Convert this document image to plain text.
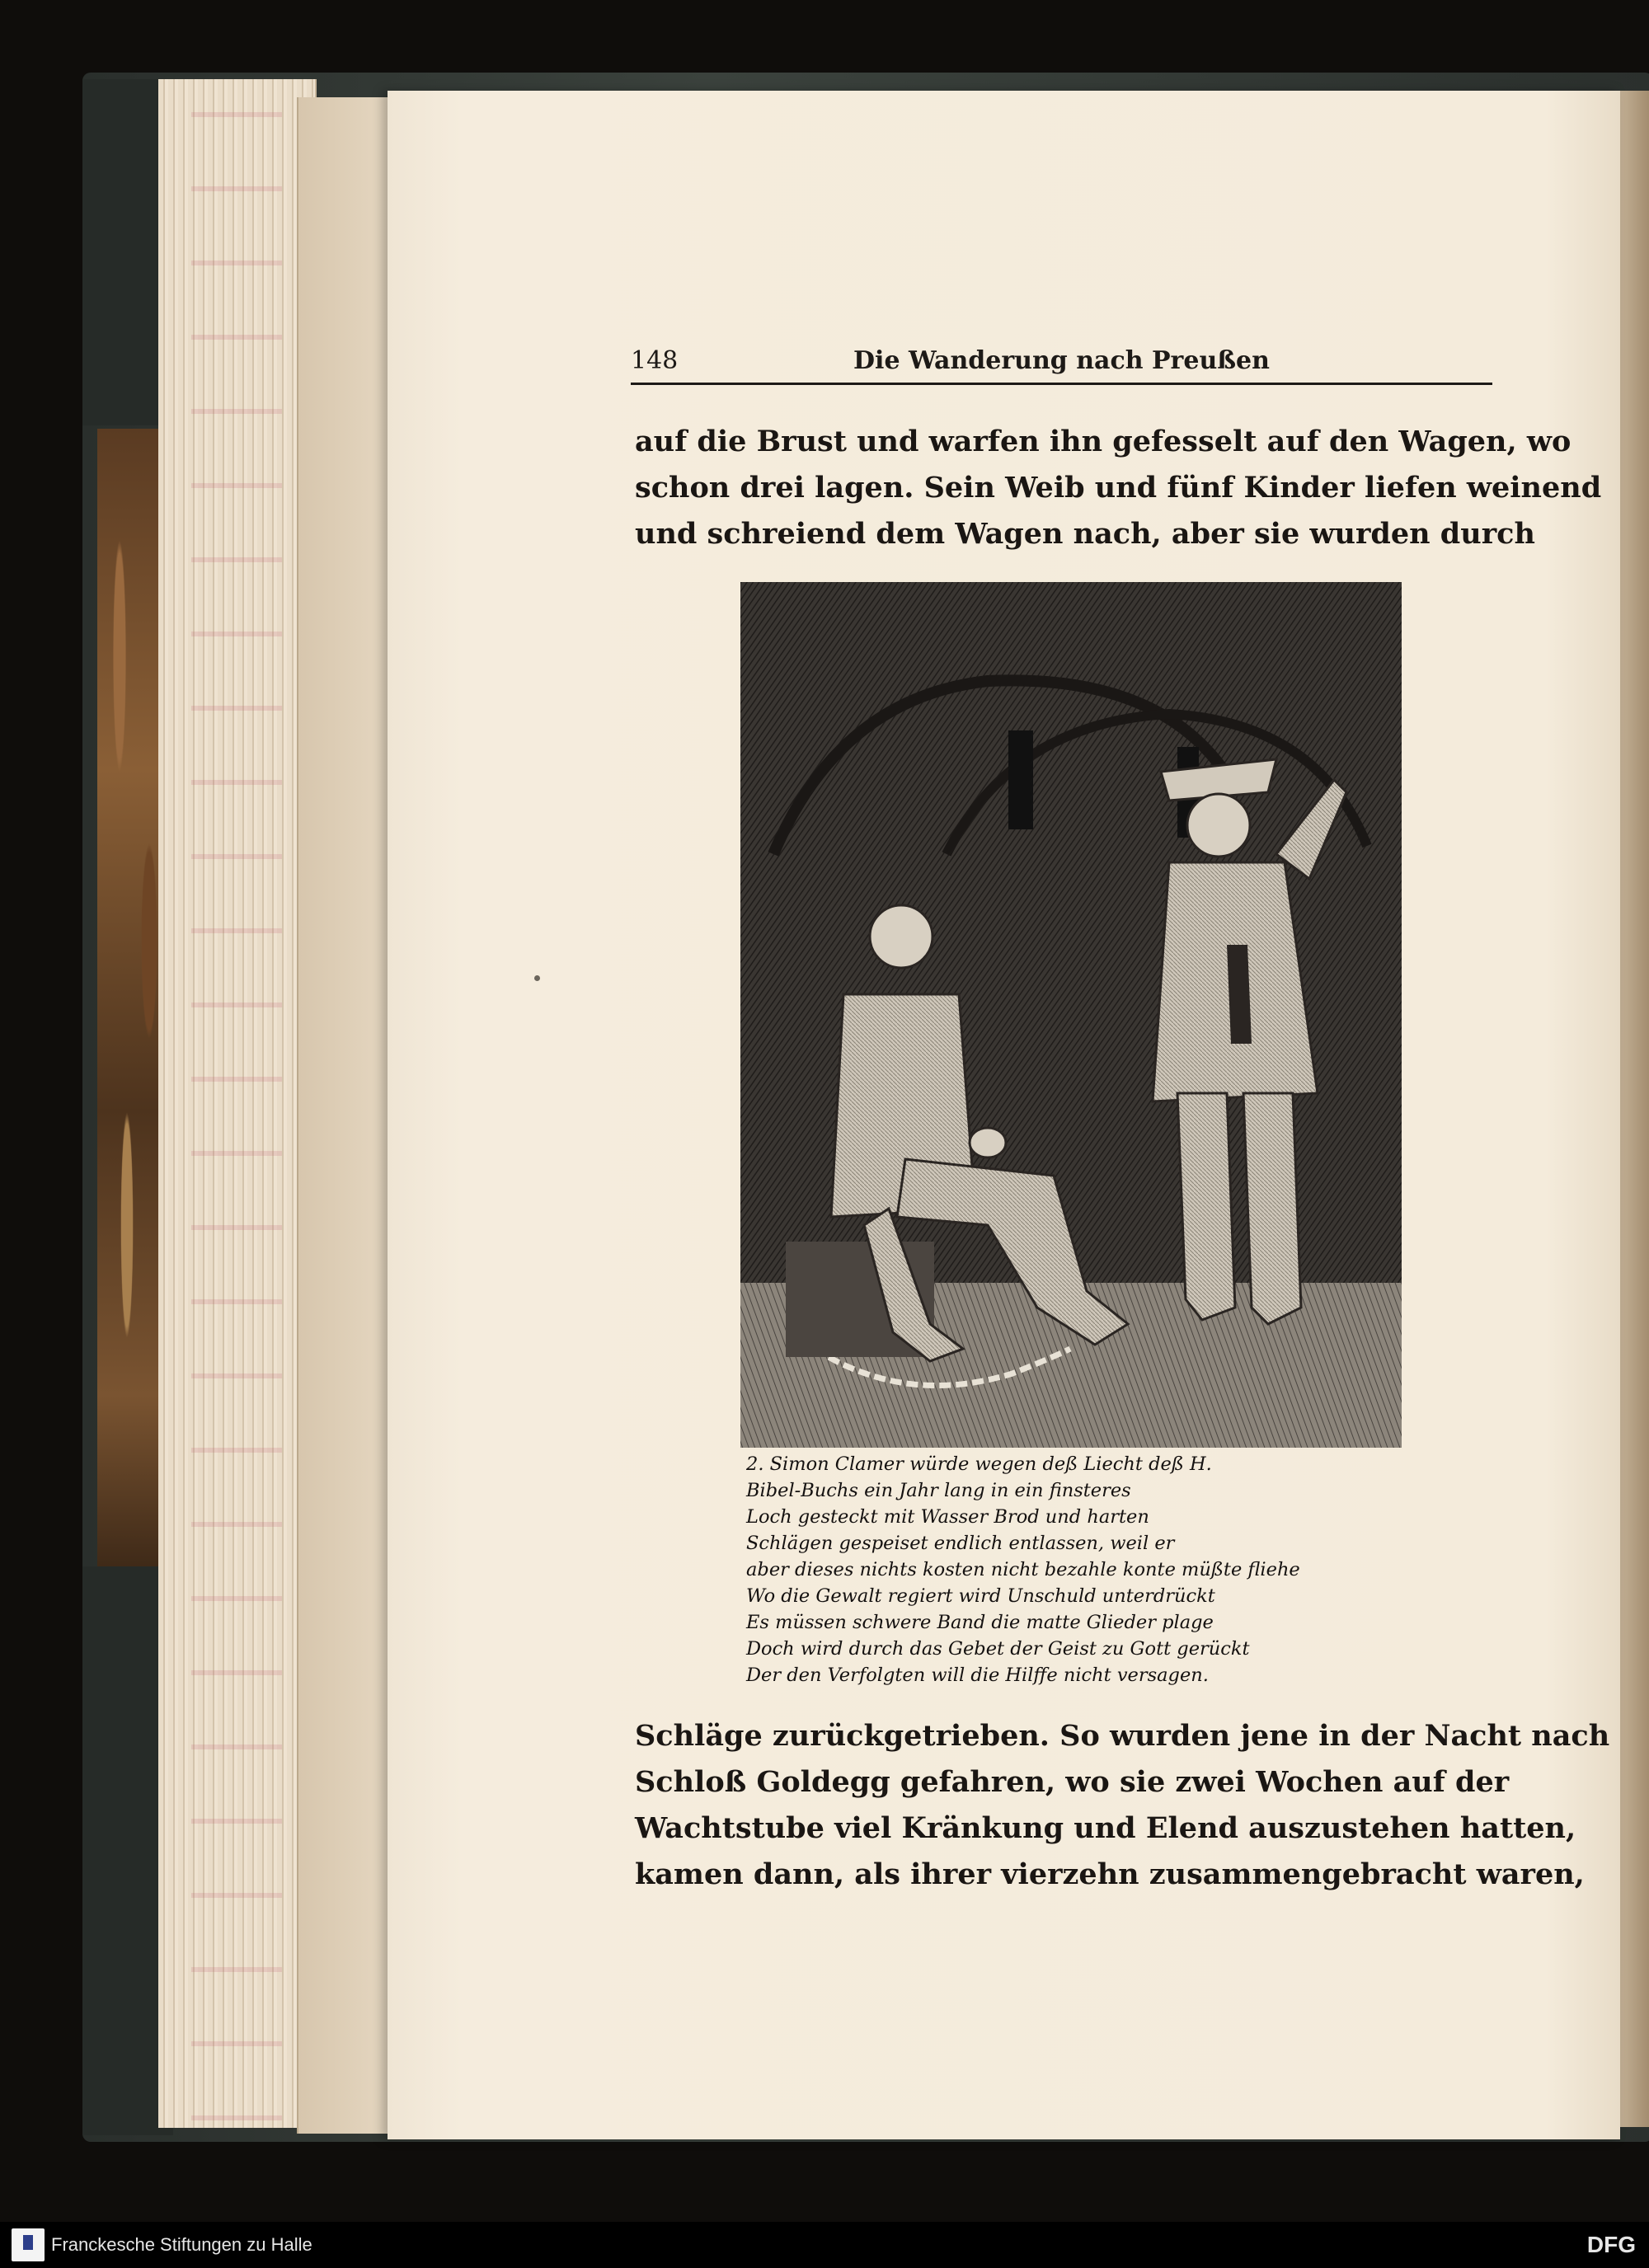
148	Die Wanderung nach Preußen
auf die Brust und warfen ihn gefesselt auf den Wagen, wo
schon drei lagen. Sein Weib und fünf Kinder liefen weinend
und schreiend dem Wagen nach, aber sie wurden durch
2. Simon Clamer würde wegen deß Liecht deß H.
Bibel-Buchs ein Jahr lang in ein finsteres
Loch gesteckt mit Wasser Brod und harten
Schlägen gespeiset endlich entlassen, weil er
aber dieses nichts kosten nicht bezahle konte müßte fliehe
Wo die Gewalt regiert wird Unschuld unterdrückt
Es müssen schwere Band die matte Glieder plage
Doch wird durch das Gebet der Geist zu Gott gerückt
Der den Verfolgten will die Hilffe nicht versagen.
Schläge zurückgetrieben. So wurden jene in der Nacht nach
Schloß Goldegg gefahren, wo sie zwei Wochen auf der
Wachtstube viel Kränkung und Elend auszustehen hatten,
kamen dann, als ihrer vierzehn zusammengebracht waren,
Franckesche Stiftungen zu Halle	DFG
